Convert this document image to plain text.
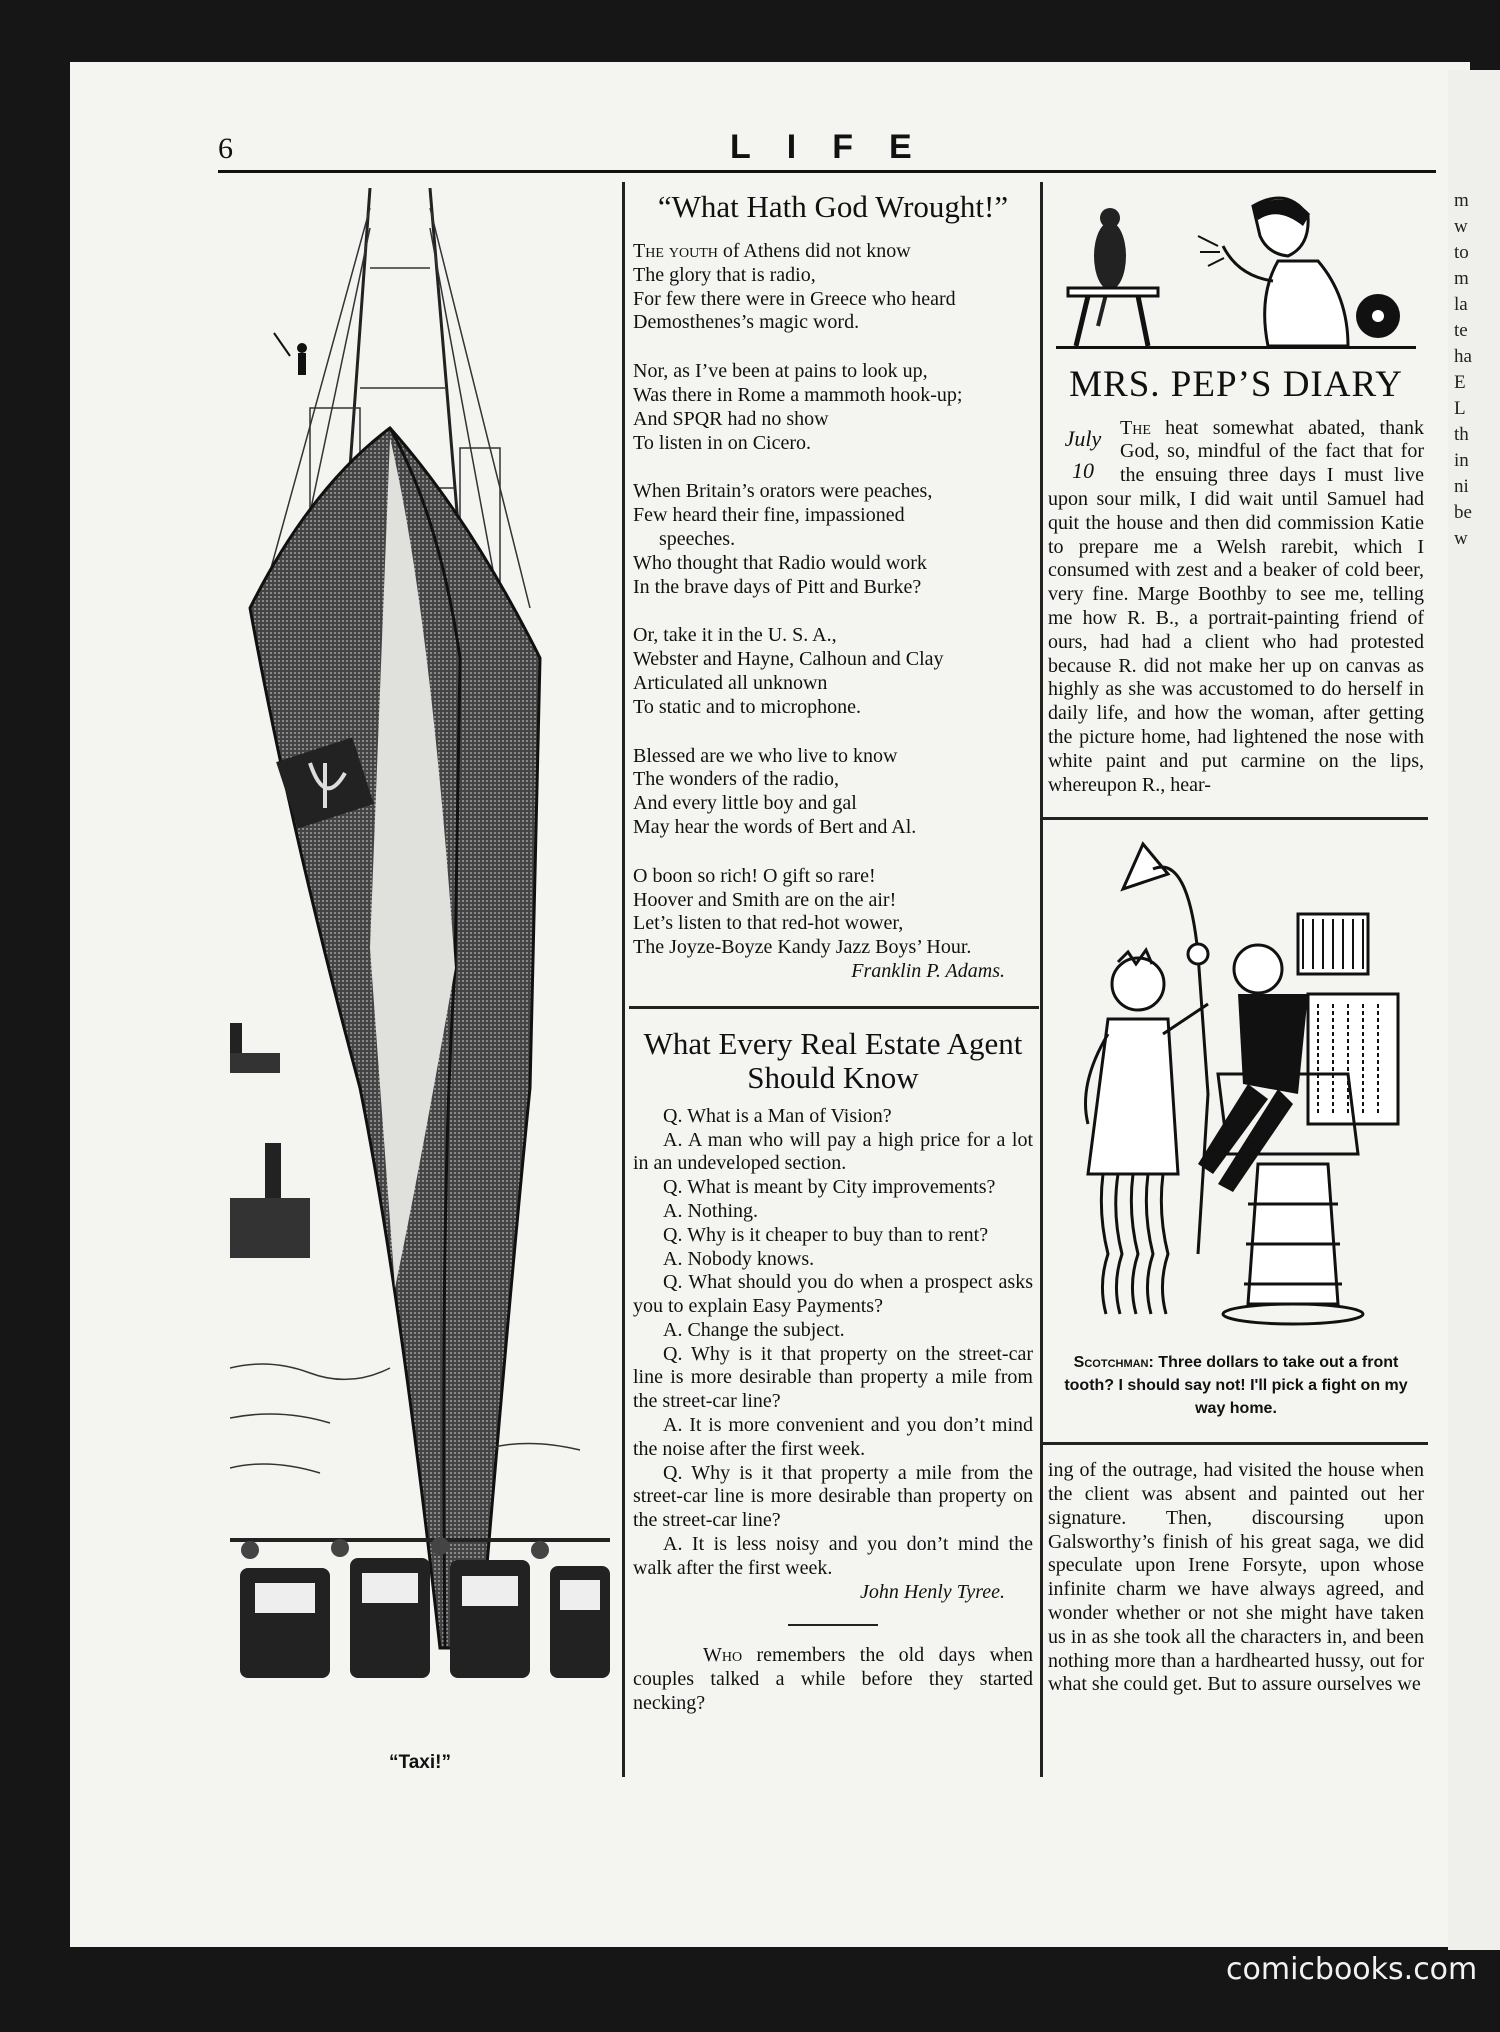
m
w
to
m
la
te
ha
E
L
th
in
ni
be
w
6	LIFE
“Taxi!”
“What Hath God Wrought!”
The youth of Athens did not know
The glory that is radio,
For few there were in Greece who heard
Demosthenes’s magic word.
Nor, as I’ve been at pains to look up,
Was there in Rome a mammoth hook-up;
And SPQR had no show
To listen in on Cicero.
When Britain’s orators were peaches,
Few heard their fine, impassioned
speeches.
Who thought that Radio would work
In the brave days of Pitt and Burke?
Or, take it in the U. S. A.,
Webster and Hayne, Calhoun and Clay
Articulated all unknown
To static and to microphone.
Blessed are we who live to know
The wonders of the radio,
And every little boy and gal
May hear the words of Bert and Al.
O boon so rich! O gift so rare!
Hoover and Smith are on the air!
Let’s listen to that red-hot wower,
The Joyze-Boyze Kandy Jazz Boys’ Hour.
Franklin P. Adams.
What Every Real Estate Agent
Should Know

Q. What is a Man of Vision?

A. A man who will pay a high price for a lot in an undeveloped section.

Q. What is meant by City improvements?

A. Nothing.

Q. Why is it cheaper to buy than to rent?

A. Nobody knows.

Q. What should you do when a prospect asks you to explain Easy Payments?

A. Change the subject.

Q. Why is it that property on the street-car line is more desirable than property a mile from the street-car line?

A. It is more convenient and you don’t mind the noise after the first week.

Q. Why is it that property a mile from the street-car line is more desirable than property on the street-car line?

A. It is less noisy and you don’t mind the walk after the first week.

John Henly Tyree.

Who remembers the old days when couples talked a while before they started necking?

MRS. PEP’S DIARY
July
10

The heat somewhat abated, thank God, so, mindful of the fact that for the ensuing three days I must live upon sour milk, I did wait until Samuel had quit the house and then did commission Katie to prepare me a Welsh rarebit, which I consumed with zest and a beaker of cold beer, very fine. Marge Boothby to see me, telling me how R. B., a portrait-painting friend of ours, had had a client who had protested because R. did not make her up on canvas as highly as she was accustomed to do herself in daily life, and how the woman, after getting the picture home, had lightened the nose with white paint and put carmine on the lips, whereupon R., hear-

Scotchman: Three dollars to take out a front tooth? I should say not! I'll pick a fight on my way home.

ing of the outrage, had visited the house when the client was absent and painted out her signature. Then, discoursing upon Galsworthy’s finish of his great saga, we did speculate upon Irene Forsyte, upon whose infinite charm we have always agreed, and wonder whether or not she might have taken us in as she took all the characters in, and been nothing more than a hardhearted hussy, out for what she could get. But to assure ourselves we

comicbooks.com
